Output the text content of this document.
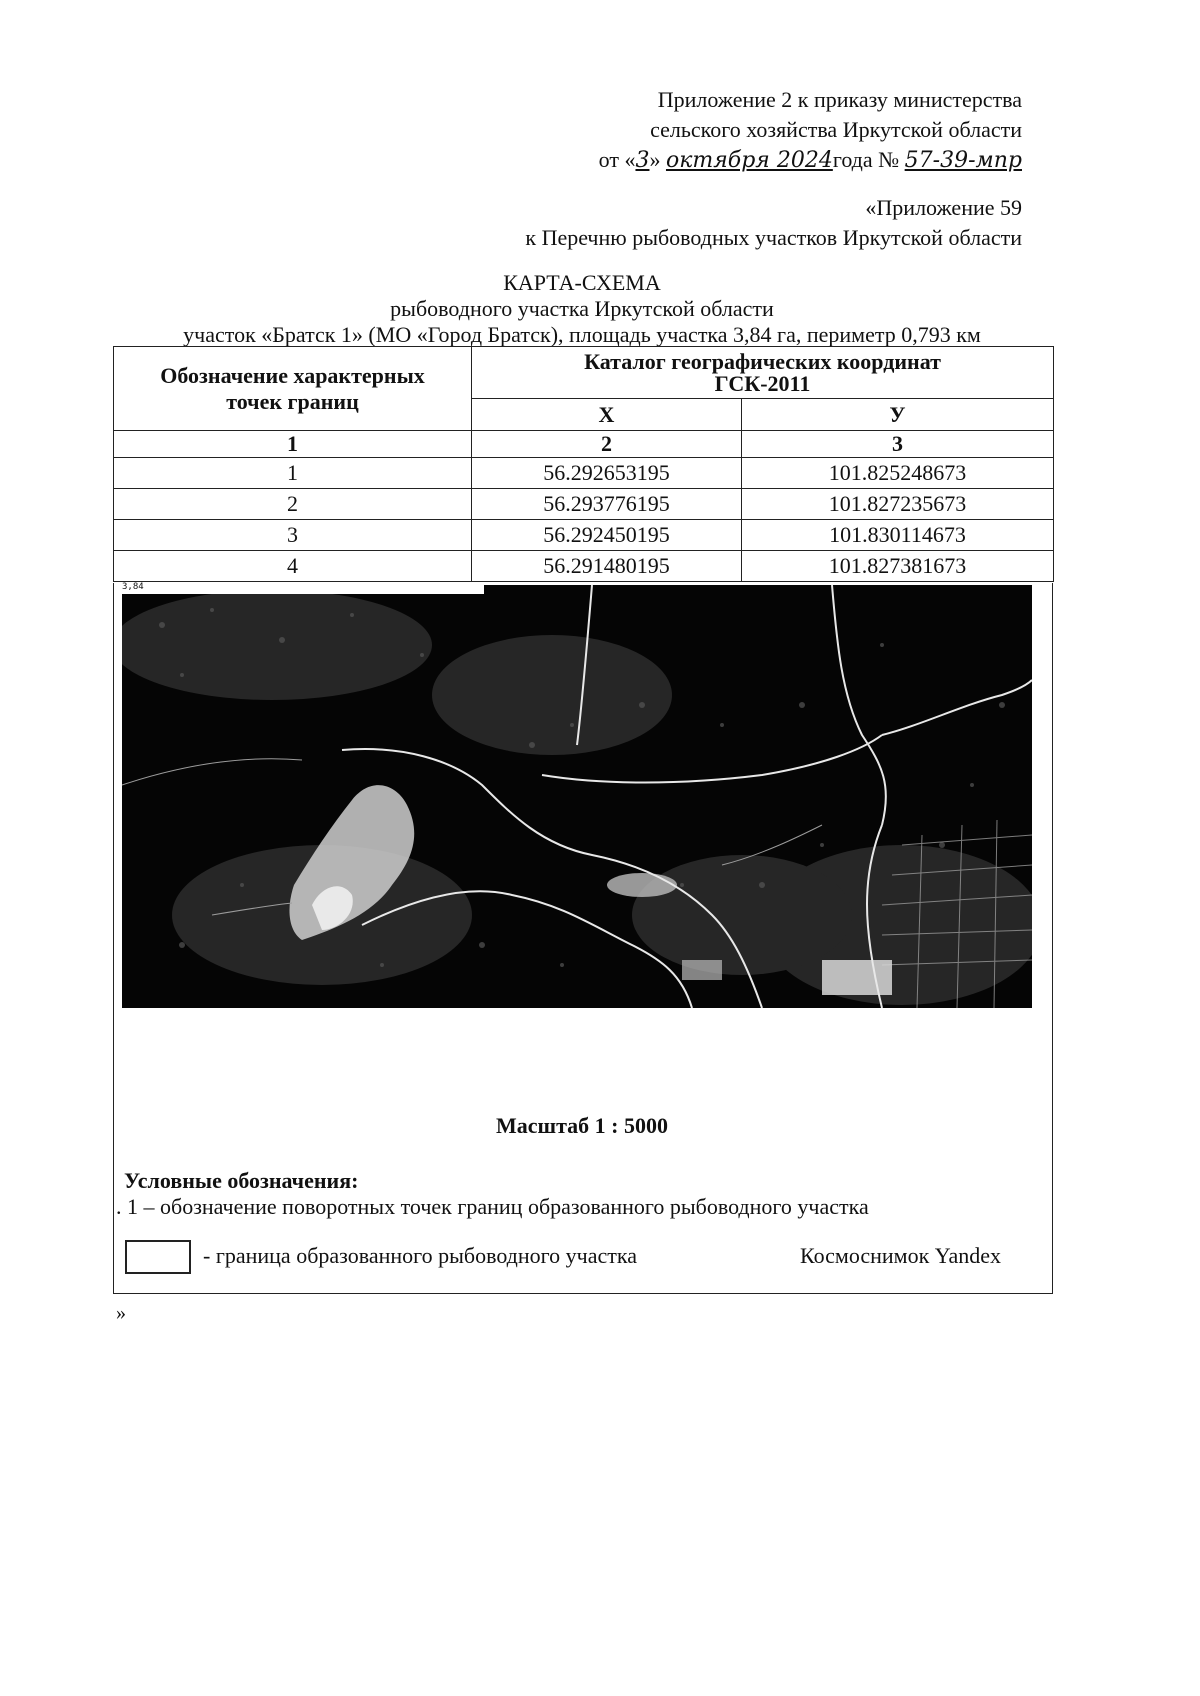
Приложение 2 к приказу министерства
сельского хозяйства Иркутской области
от «3» октября 2024года № 57-39-мпр
«Приложение 59
к Перечню рыбоводных участков Иркутской области
КАРТА-СХЕМА
рыбоводного участка Иркутской области
участок «Братск 1» (МО «Город Братск), площадь участка 3,84 га, периметр 0,793 км
Обозначение характерных точек границ	Каталог географических координат
ГСК-2011	

	Х	У
1	2	3
1	56.292653195	101.825248673
2	56.293776195	101.827235673
3	56.292450195	101.830114673
4	56.291480195	101.827381673
3,84
Масштаб 1 : 5000
Условные обозначения:
. 1 – обозначение поворотных точек границ образованного рыбоводного участка
- граница образованного рыбоводного участка	Космоснимок Yandex
»
